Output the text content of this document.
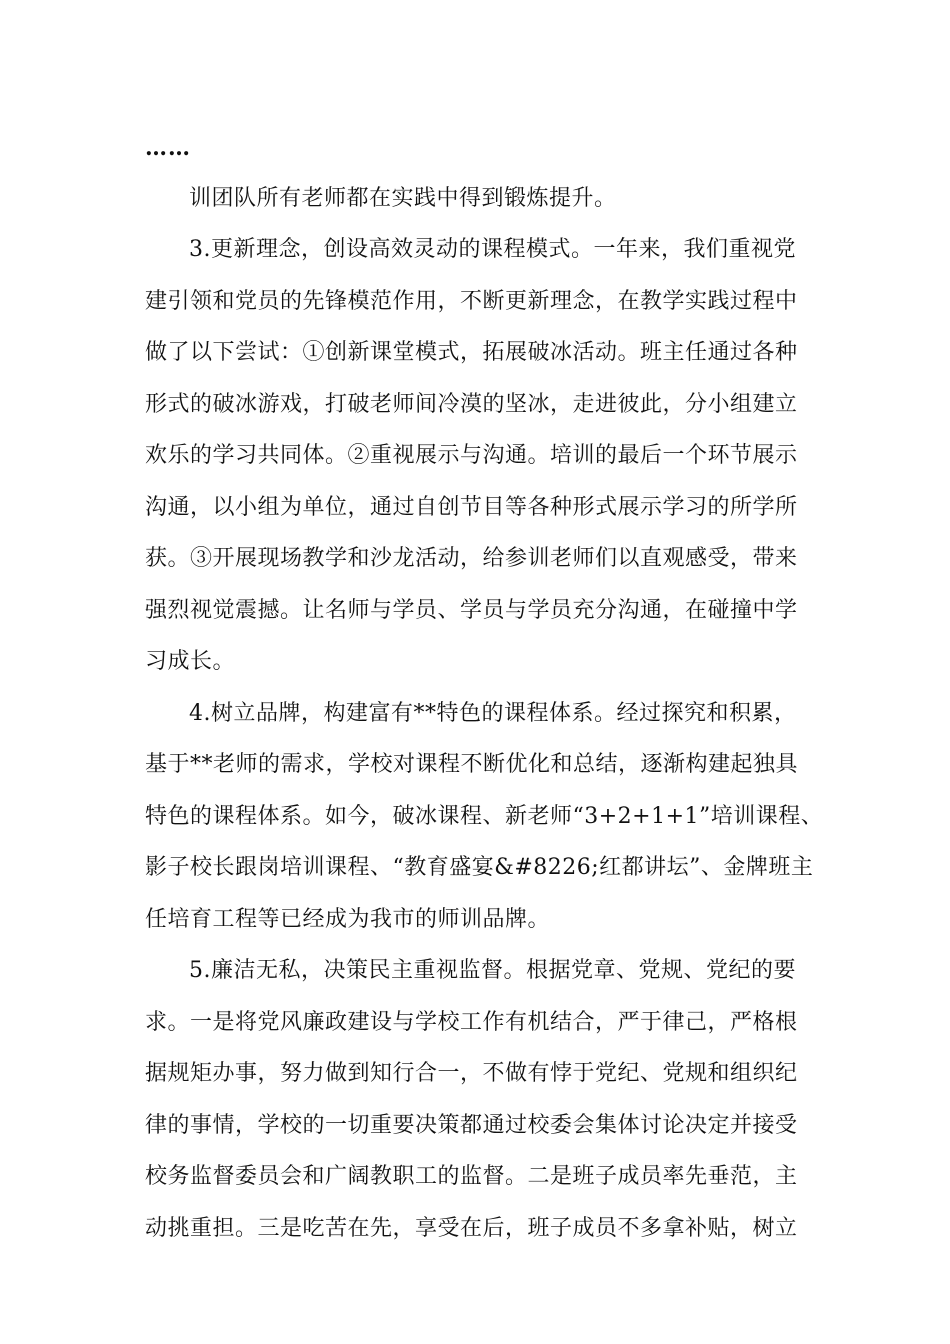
……
训团队所有老师都在实践中得到锻炼提升。
3.更新理念，创设高效灵动的课程模式。一年来，我们重视党
建引领和党员的先锋模范作用，不断更新理念，在教学实践过程中
做了以下尝试：①创新课堂模式，拓展破冰活动。班主任通过各种
形式的破冰游戏，打破老师间冷漠的坚冰，走进彼此，分小组建立
欢乐的学习共同体。②重视展示与沟通。培训的最后一个环节展示
沟通，以小组为单位，通过自创节目等各种形式展示学习的所学所
获。③开展现场教学和沙龙活动，给参训老师们以直观感受，带来
强烈视觉震撼。让名师与学员、学员与学员充分沟通，在碰撞中学
习成长。
4.树立品牌，构建富有**特色的课程体系。经过探究和积累，
基于**老师的需求，学校对课程不断优化和总结，逐渐构建起独具
特色的课程体系。如今，破冰课程、新老师“3+2+1+1”培训课程、
影子校长跟岗培训课程、“教育盛宴&#8226;红都讲坛”、金牌班主
任培育工程等已经成为我市的师训品牌。
5.廉洁无私，决策民主重视监督。根据党章、党规、党纪的要
求。一是将党风廉政建设与学校工作有机结合，严于律己，严格根
据规矩办事，努力做到知行合一，不做有悖于党纪、党规和组织纪
律的事情，学校的一切重要决策都通过校委会集体讨论决定并接受
校务监督委员会和广阔教职工的监督。二是班子成员率先垂范，主
动挑重担。三是吃苦在先，享受在后，班子成员不多拿补贴，树立
